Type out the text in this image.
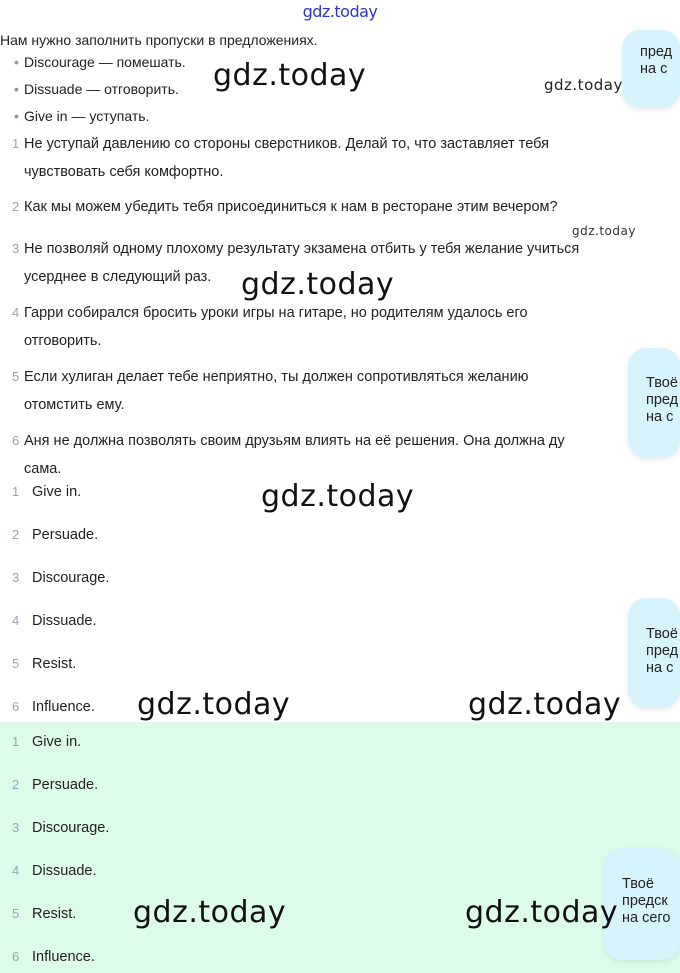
gdz.today
Нам нужно заполнить пропуски в предложениях.
• Discourage — помешать.
• Dissuade — отговорить.
• Give in — уступать.
1 Не уступай давлению со стороны сверстников. Делай то, что заставляет тебя
чувствовать себя комфортно.
2 Как мы можем убедить тебя присоединиться к нам в ресторане этим вечером?
3 Не позволяй одному плохому результату экзамена отбить у тебя желание учиться
усерднее в следующий раз.
4 Гарри собирался бросить уроки игры на гитаре, но родителям удалось его
отговорить.
5 Если хулиган делает тебе неприятно, ты должен сопротивляться желанию
отомстить ему.
6 Аня не должна позволять своим друзьям влиять на её решения. Она должна ду
сама.
1 Give in.
2 Persuade.
3 Discourage.
4 Dissuade.
5 Resist.
6 Influence.
1 Give in.
2 Persuade.
3 Discourage.
4 Dissuade.
5 Resist.
6 Influence.
пред
на с
Твоё
пред
на с
Твоё
пред
на с
Твоё
предск
на сего
gdz.today	gdz.today
gdz.today
gdz.today
gdz.today
gdz.today	gdz.today
gdz.today	gdz.today
